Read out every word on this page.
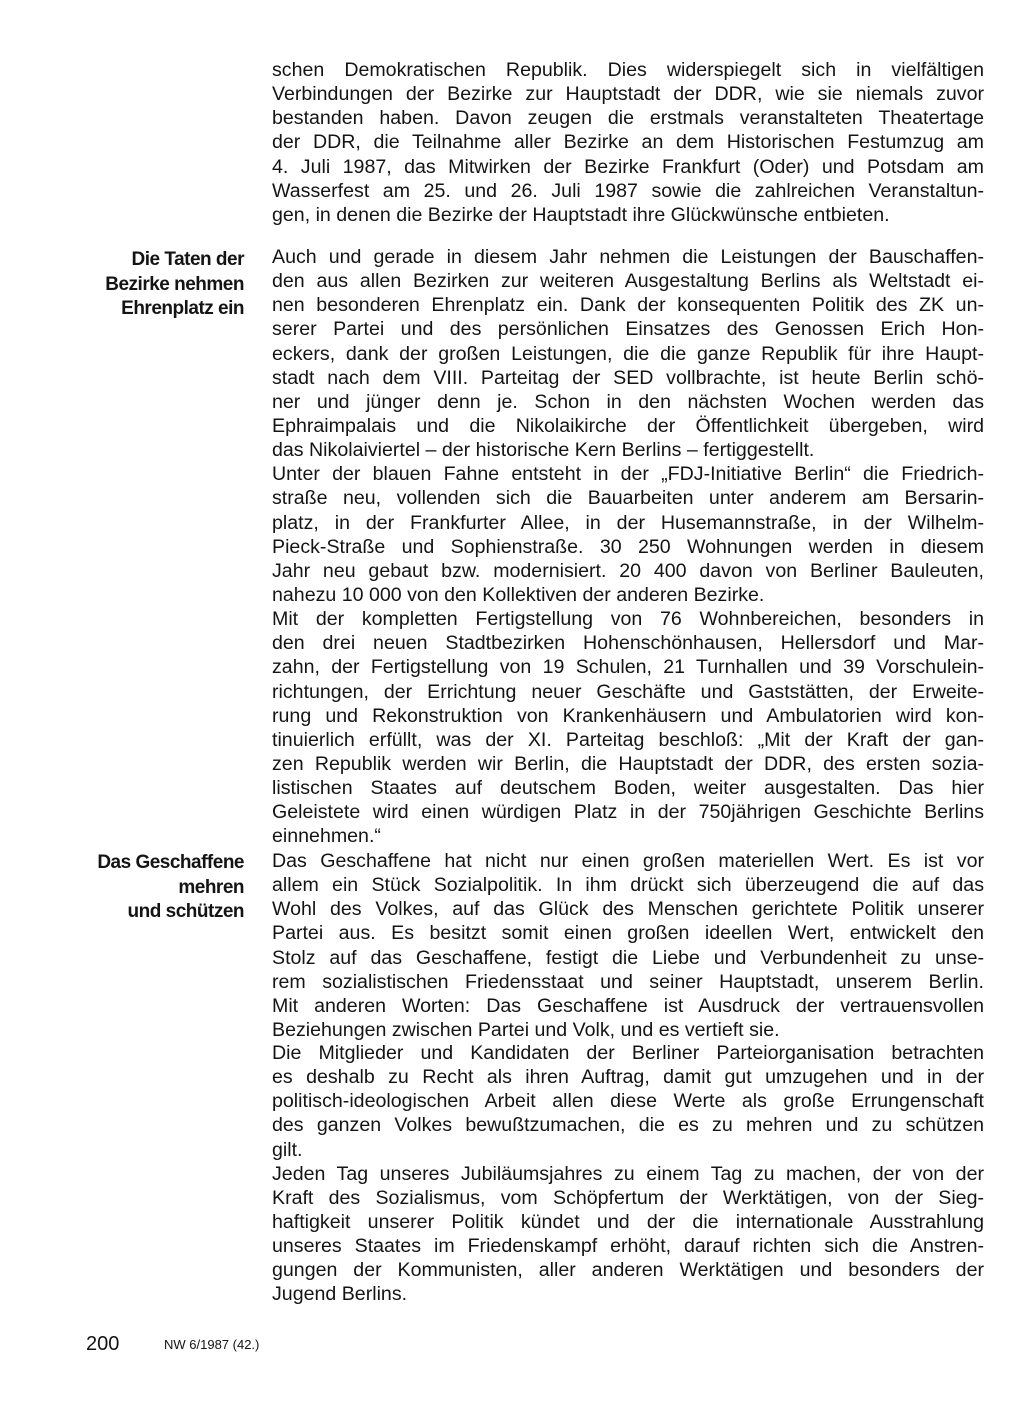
schen Demokratischen Republik. Dies widerspiegelt sich in vielfältigen
Verbindungen der Bezirke zur Hauptstadt der DDR, wie sie niemals zuvor
bestanden haben. Davon zeugen die erstmals veranstalteten Theatertage
der DDR, die Teilnahme aller Bezirke an dem Historischen Festumzug am
4. Juli 1987, das Mitwirken der Bezirke Frankfurt (Oder) und Potsdam am
Wasserfest am 25. und 26. Juli 1987 sowie die zahlreichen Veranstaltun-
gen, in denen die Bezirke der Hauptstadt ihre Glückwünsche entbieten.
Die Taten der
Bezirke nehmen
Ehrenplatz ein
Auch und gerade in diesem Jahr nehmen die Leistungen der Bauschaffen-
den aus allen Bezirken zur weiteren Ausgestaltung Berlins als Weltstadt ei-
nen besonderen Ehrenplatz ein. Dank der konsequenten Politik des ZK un-
serer Partei und des persönlichen Einsatzes des Genossen Erich Hon-
eckers, dank der großen Leistungen, die die ganze Republik für ihre Haupt-
stadt nach dem VIII. Parteitag der SED vollbrachte, ist heute Berlin schö-
ner und jünger denn je. Schon in den nächsten Wochen werden das
Ephraimpalais und die Nikolaikirche der Öffentlichkeit übergeben, wird
das Nikolaiviertel – der historische Kern Berlins – fertiggestellt.
Unter der blauen Fahne entsteht in der „FDJ-Initiative Berlin“ die Friedrich-
straße neu, vollenden sich die Bauarbeiten unter anderem am Bersarin-
platz, in der Frankfurter Allee, in der Husemannstraße, in der Wilhelm-
Pieck-Straße und Sophienstraße. 30 250 Wohnungen werden in diesem
Jahr neu gebaut bzw. modernisiert. 20 400 davon von Berliner Bauleuten,
nahezu 10 000 von den Kollektiven der anderen Bezirke.
Mit der kompletten Fertigstellung von 76 Wohnbereichen, besonders in
den drei neuen Stadtbezirken Hohenschönhausen, Hellersdorf und Mar-
zahn, der Fertigstellung von 19 Schulen, 21 Turnhallen und 39 Vorschulein-
richtungen, der Errichtung neuer Geschäfte und Gaststätten, der Erweite-
rung und Rekonstruktion von Krankenhäusern und Ambulatorien wird kon-
tinuierlich erfüllt, was der XI. Parteitag beschloß: „Mit der Kraft der gan-
zen Republik werden wir Berlin, die Hauptstadt der DDR, des ersten sozia-
listischen Staates auf deutschem Boden, weiter ausgestalten. Das hier
Geleistete wird einen würdigen Platz in der 750jährigen Geschichte Berlins
einnehmen.“
Das Geschaffene
mehren
und schützen
Das Geschaffene hat nicht nur einen großen materiellen Wert. Es ist vor
allem ein Stück Sozialpolitik. In ihm drückt sich überzeugend die auf das
Wohl des Volkes, auf das Glück des Menschen gerichtete Politik unserer
Partei aus. Es besitzt somit einen großen ideellen Wert, entwickelt den
Stolz auf das Geschaffene, festigt die Liebe und Verbundenheit zu unse-
rem sozialistischen Friedensstaat und seiner Hauptstadt, unserem Berlin.
Mit anderen Worten: Das Geschaffene ist Ausdruck der vertrauensvollen
Beziehungen zwischen Partei und Volk, und es vertieft sie.
Die Mitglieder und Kandidaten der Berliner Parteiorganisation betrachten
es deshalb zu Recht als ihren Auftrag, damit gut umzugehen und in der
politisch-ideologischen Arbeit allen diese Werte als große Errungenschaft
des ganzen Volkes bewußtzumachen, die es zu mehren und zu schützen
gilt.
Jeden Tag unseres Jubiläumsjahres zu einem Tag zu machen, der von der
Kraft des Sozialismus, vom Schöpfertum der Werktätigen, von der Sieg-
haftigkeit unserer Politik kündet und der die internationale Ausstrahlung
unseres Staates im Friedenskampf erhöht, darauf richten sich die Anstren-
gungen der Kommunisten, aller anderen Werktätigen und besonders der
Jugend Berlins.
200	NW 6/1987 (42.)
